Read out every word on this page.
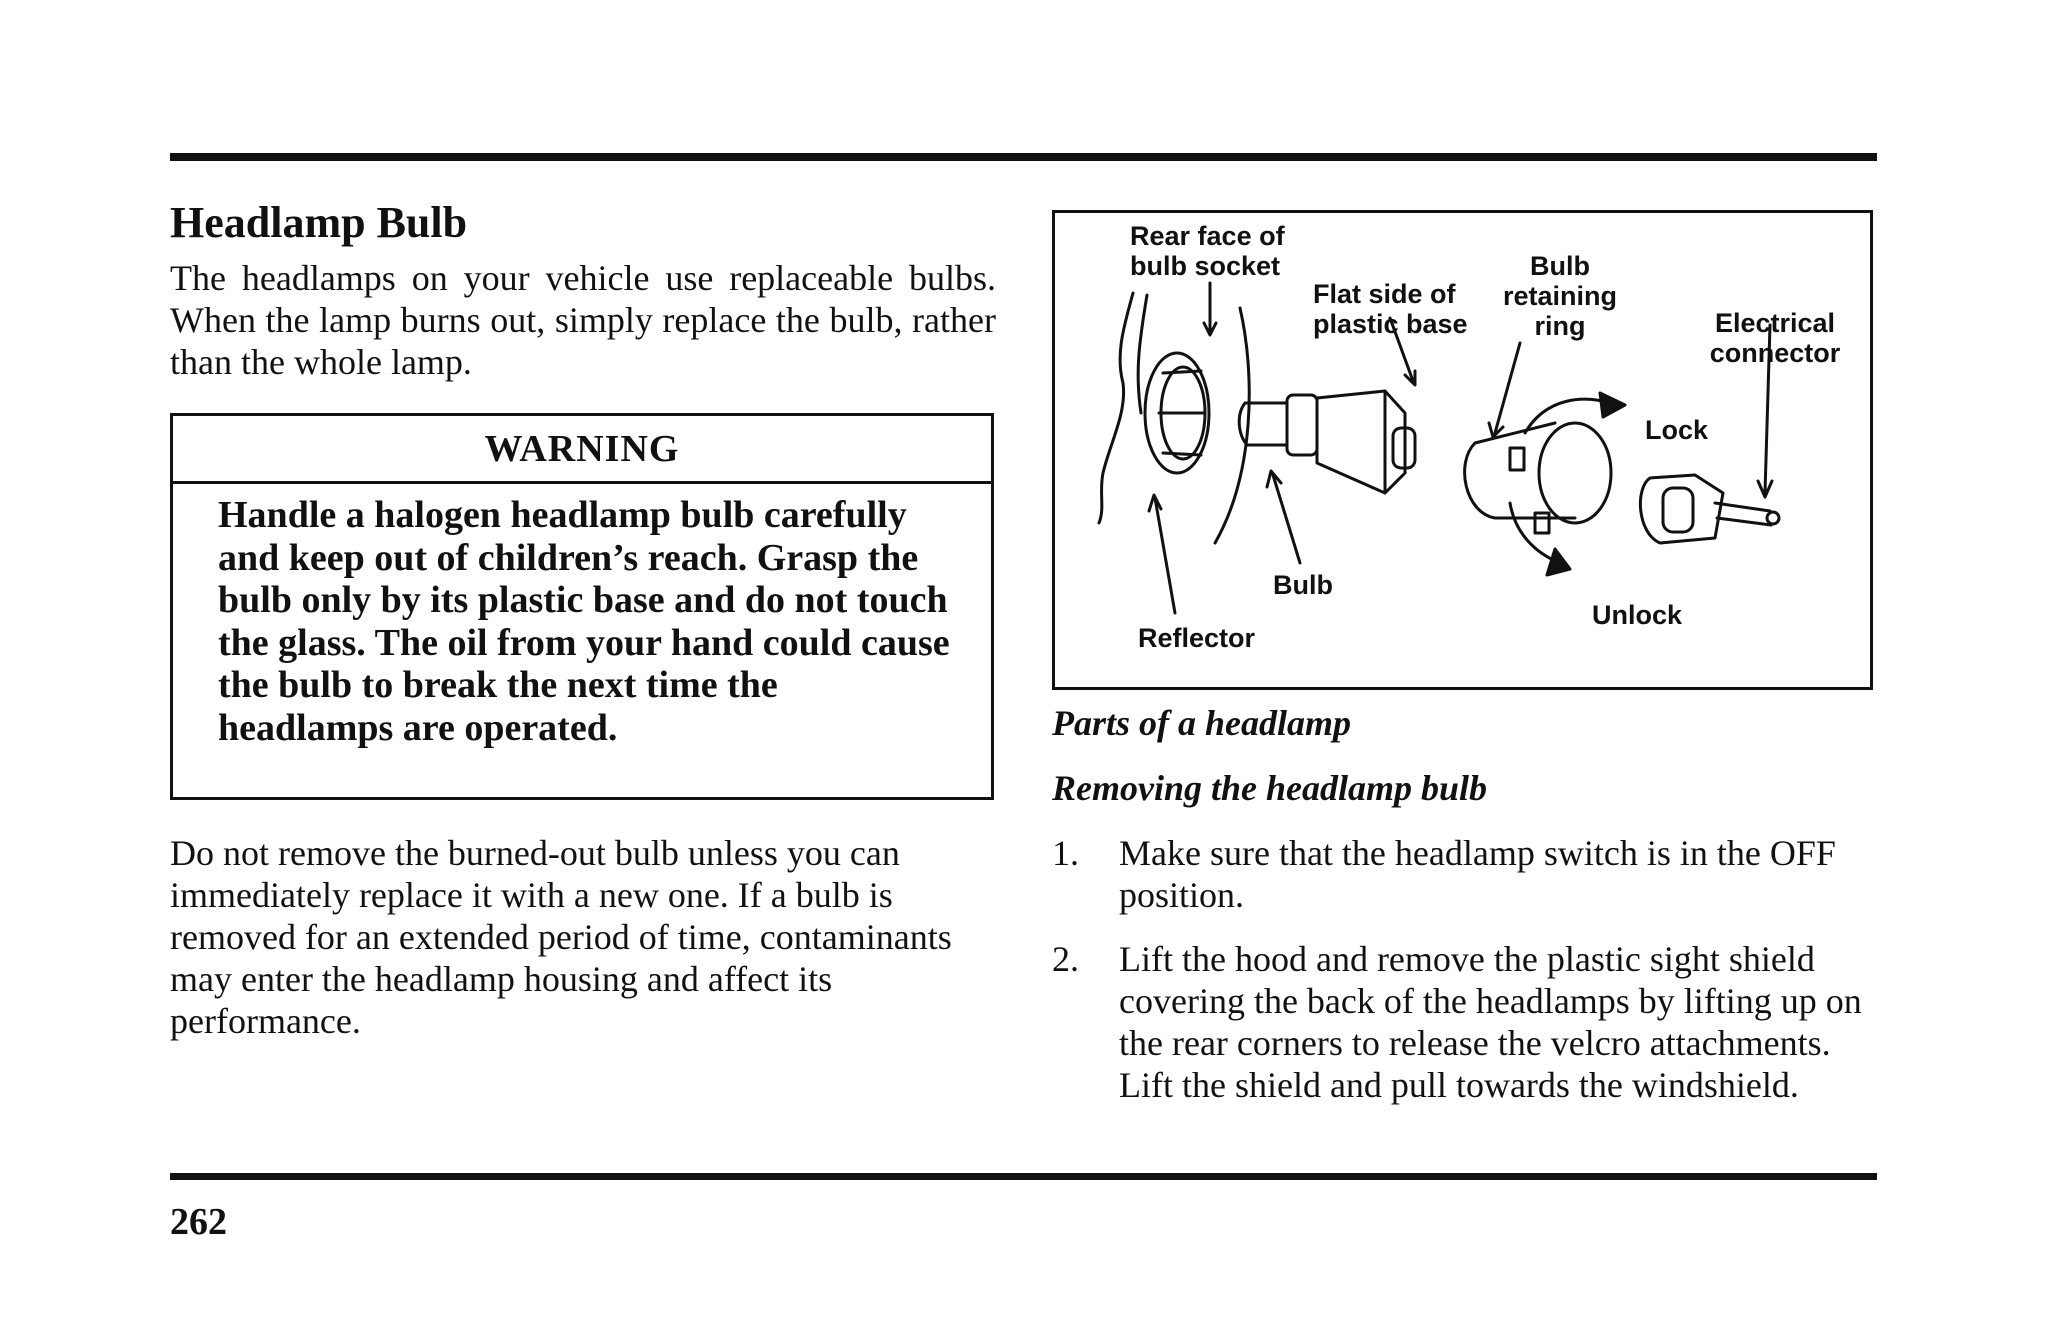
Headlamp Bulb

The headlamps on your vehicle use replaceable bulbs. When the lamp burns out, simply replace the bulb, rather than the whole lamp.

WARNING
Handle a halogen headlamp bulb carefully and keep out of children’s reach. Grasp the bulb only by its plastic base and do not touch the glass. The oil from your hand could cause the bulb to break the next time the headlamps are operated.

Do not remove the burned-out bulb unless you can immediately replace it with a new one. If a bulb is removed for an extended period of time, contaminants may enter the headlamp housing and affect its performance.

Rear face of
bulb socket
Flat side of
plastic base
Bulb
retaining
ring	Electrical
connector
Lock
Bulb
Unlock
Reflector
Parts of a headlamp
Removing the headlamp bulb
1. Make sure that the headlamp switch is in the OFF position.
2. Lift the hood and remove the plastic sight shield covering the back of the headlamps by lifting up on the rear corners to release the velcro attachments. Lift the shield and pull towards the windshield.
262
